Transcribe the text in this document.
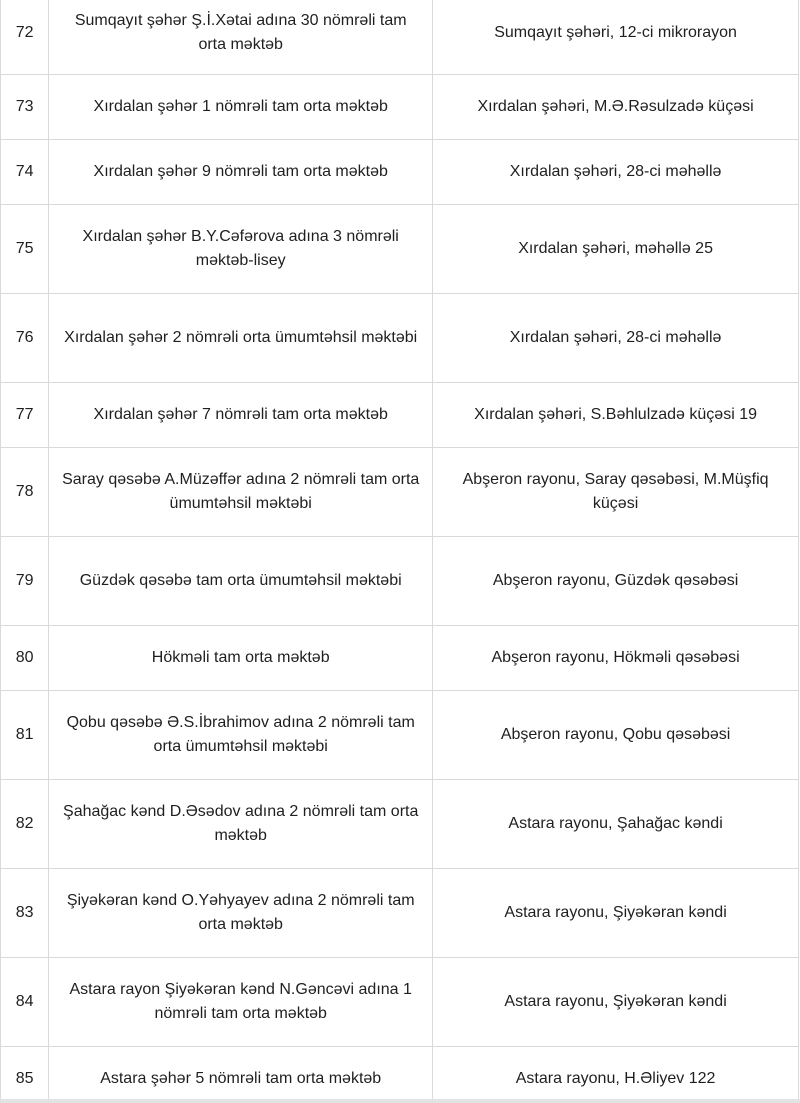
72	Sumqayıt şəhər Ş.İ.Xətai adına 30 nömrəli tam orta məktəb	Sumqayıt şəhəri, 12-ci mikrorayon
73	Xırdalan şəhər 1 nömrəli tam orta məktəb	Xırdalan şəhəri, M.Ə.Rəsulzadə küçəsi
74	Xırdalan şəhər 9 nömrəli tam orta məktəb	Xırdalan şəhəri, 28-ci məhəllə
75	Xırdalan şəhər B.Y.Cəfərova adına 3 nömrəli məktəb-lisey	Xırdalan şəhəri, məhəllə 25
76	Xırdalan şəhər 2 nömrəli orta ümumtəhsil məktəbi	Xırdalan şəhəri, 28-ci məhəllə
77	Xırdalan şəhər 7 nömrəli tam orta məktəb	Xırdalan şəhəri, S.Bəhlulzadə küçəsi 19
78	Saray qəsəbə A.Müzəffər adına 2 nömrəli tam orta ümumtəhsil məktəbi	Abşeron rayonu, Saray qəsəbəsi, M.Müşfiq küçəsi
79	Güzdək qəsəbə tam orta ümumtəhsil məktəbi	Abşeron rayonu, Güzdək qəsəbəsi
80	Hökməli tam orta məktəb	Abşeron rayonu, Hökməli qəsəbəsi
81	Qobu qəsəbə Ə.S.İbrahimov adına 2 nömrəli tam orta ümumtəhsil məktəbi	Abşeron rayonu, Qobu qəsəbəsi
82	Şahağac kənd D.Əsədov adına 2 nömrəli tam orta məktəb	Astara rayonu, Şahağac kəndi
83	Şiyəkəran kənd O.Yəhyayev adına 2 nömrəli tam orta məktəb	Astara rayonu, Şiyəkəran kəndi
84	Astara rayon Şiyəkəran kənd N.Gəncəvi adına 1 nömrəli tam orta məktəb	Astara rayonu, Şiyəkəran kəndi
85	Astara şəhər 5 nömrəli tam orta məktəb	Astara rayonu, H.Əliyev 122
